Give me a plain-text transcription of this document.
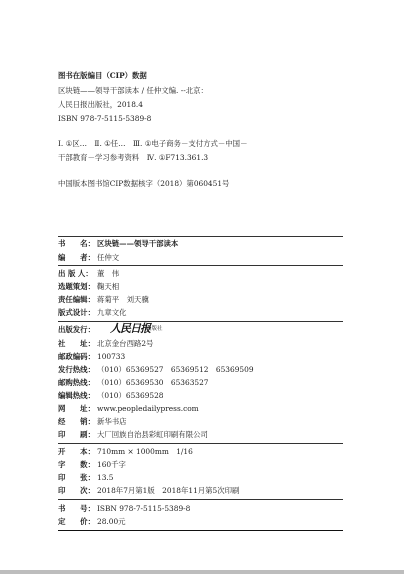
图书在版编目（CIP）数据
区块链——领导干部读本 / 任仲文编. --北京：
人民日报出版社，2018.4
ISBN 978-7-5115-5389-8
Ⅰ. ①区…　Ⅱ. ①任…　Ⅲ. ①电子商务－支付方式－中国－
干部教育－学习参考资料　Ⅳ. ①F713.361.3
中国版本图书馆CIP数据核字（2018）第060451号
书　　名： 区块链——领导干部读本
编　　者： 任仲文
出 版 人： 董　伟
选题策划： 鞠天相
责任编辑： 蒋菊平　刘天骥
版式设计： 九章文化
出版发行： 人民日报
出版社
社　　址： 北京金台西路2号
邮政编码： 100733
发行热线： （010）65369527　65369512　65369509
邮购热线： （010）65369530　65363527
编辑热线： （010）65369528
网　　址： www.peopledailypress.com
经　　销： 新华书店
印　　刷： 大厂回族自治县彩虹印刷有限公司
开　　本： 710mm × 1000mm　1/16
字　　数： 160千字
印　　张： 13.5
印　　次： 2018年7月第1版　2018年11月第5次印刷
书　　号： ISBN 978-7-5115-5389-8
定　　价： 28.00元
